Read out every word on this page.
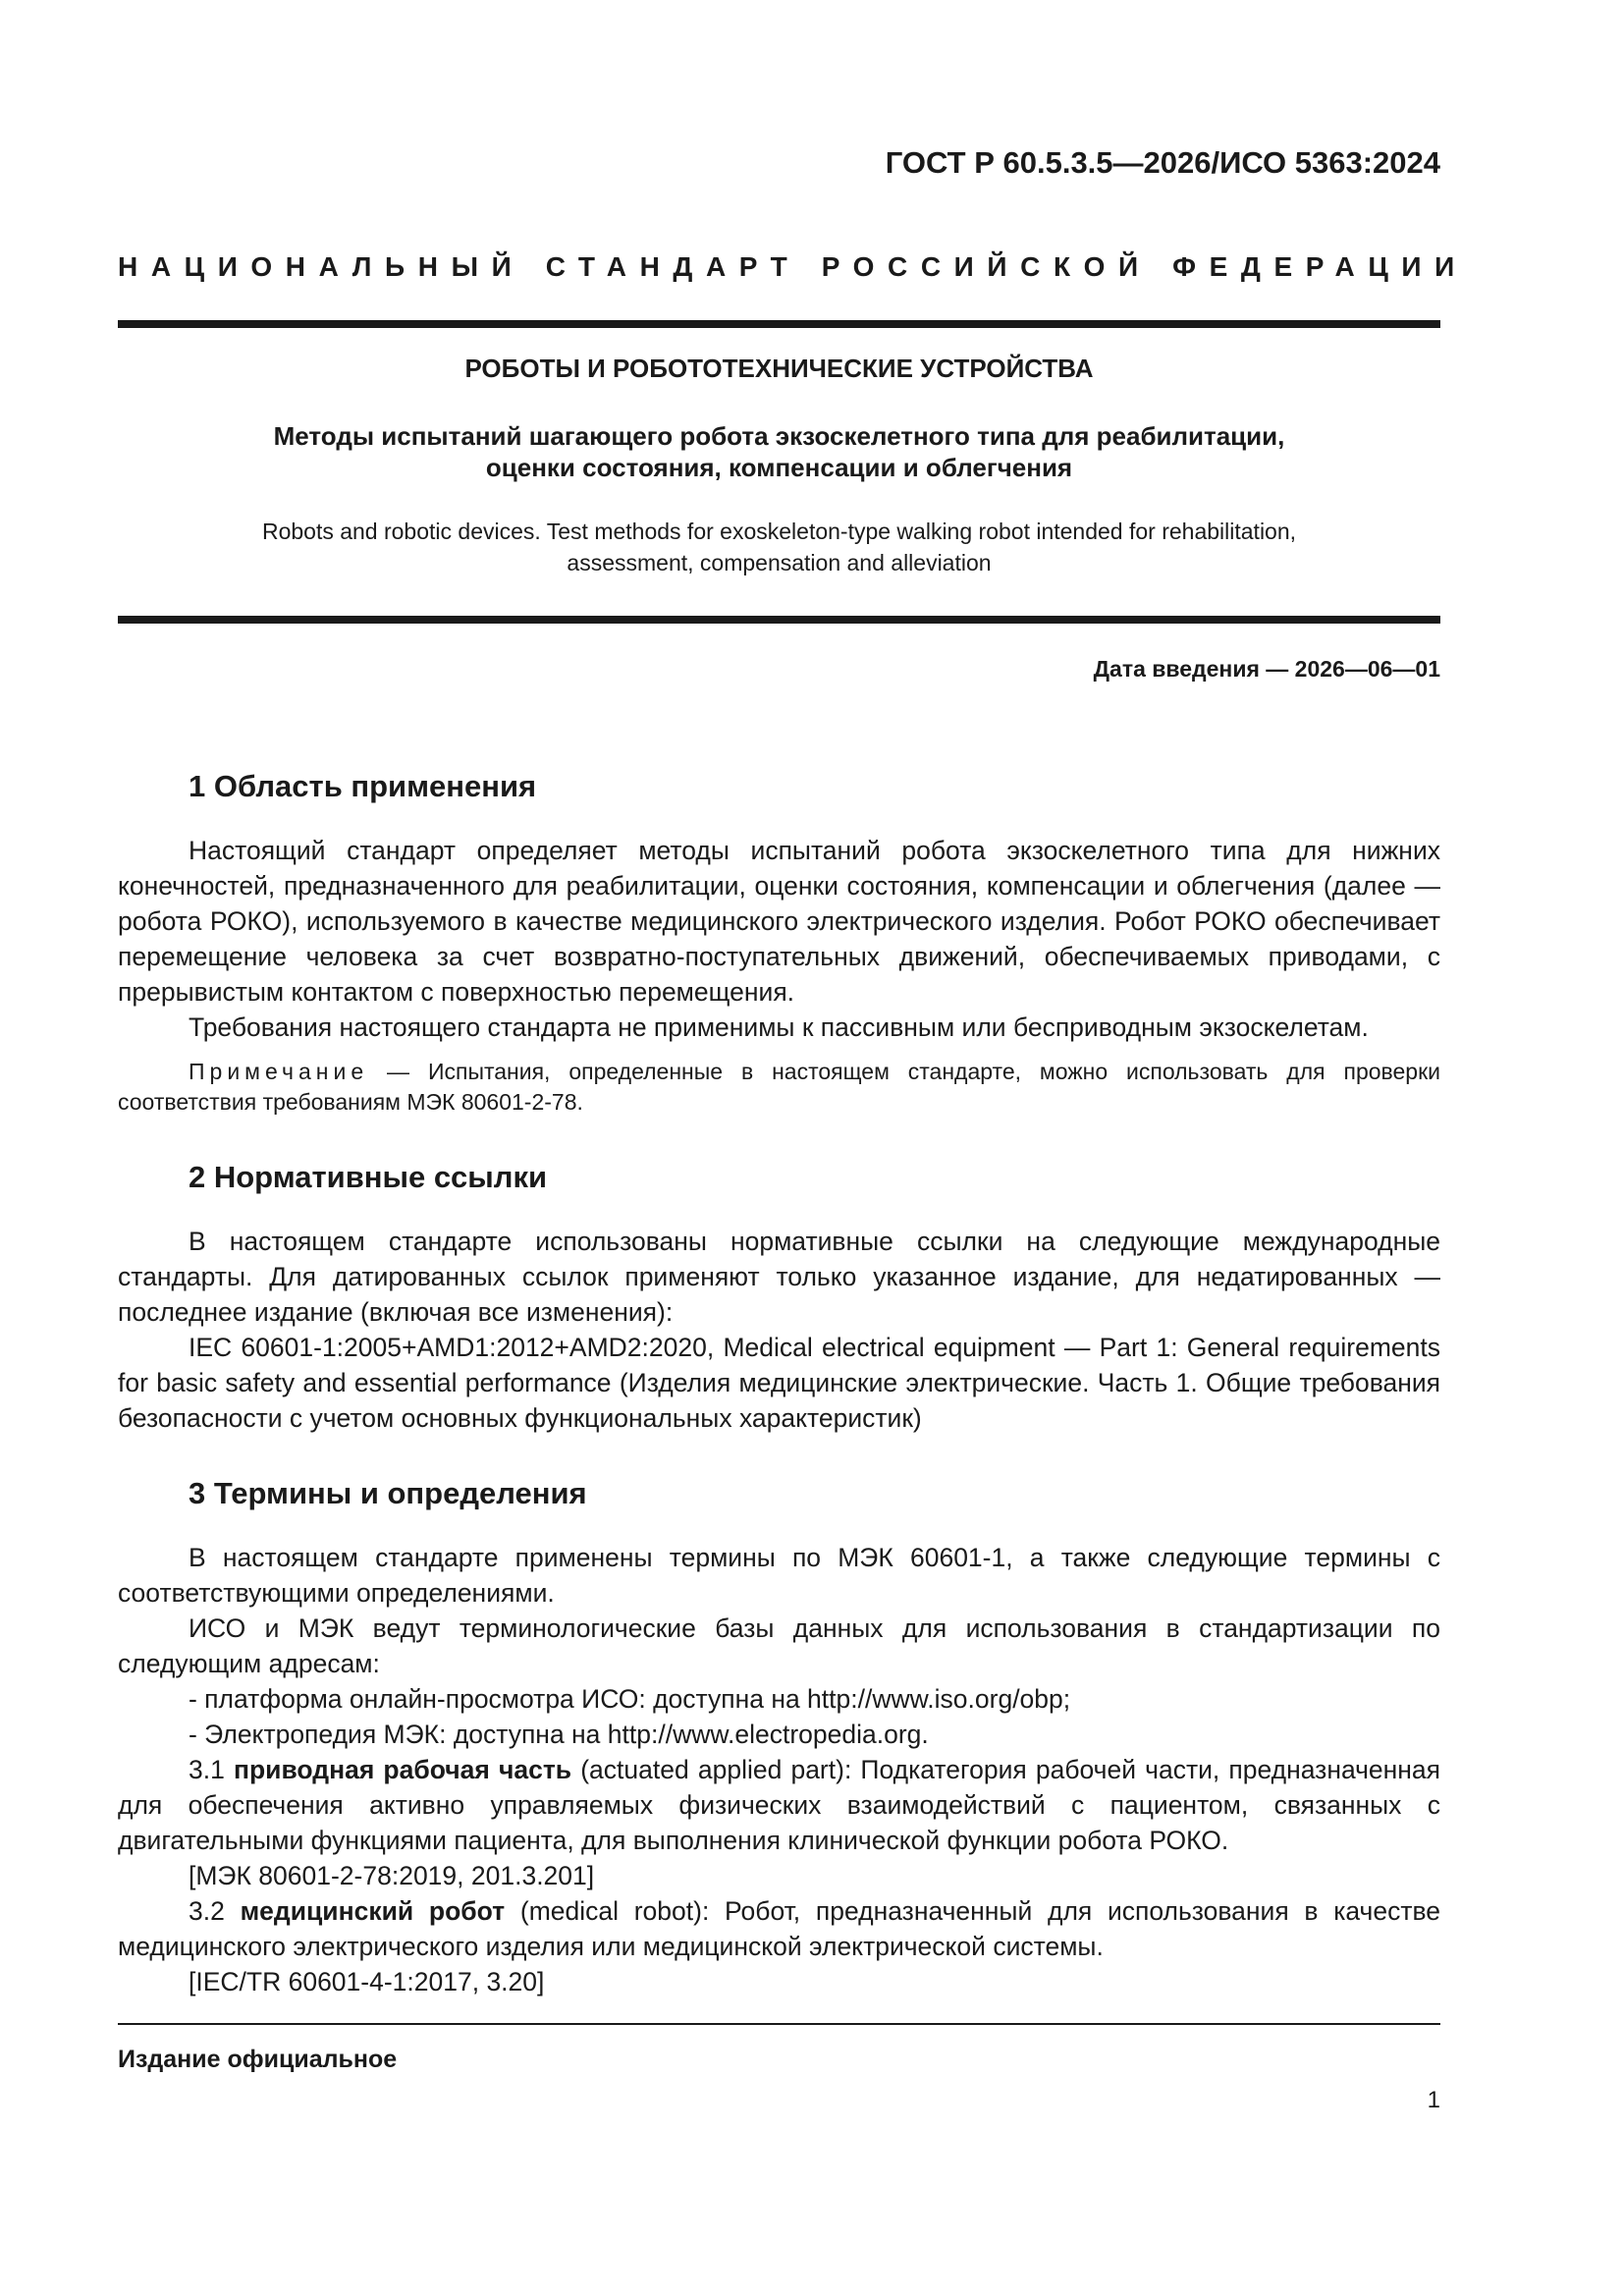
ГОСТ Р 60.5.3.5—2026/ИСО 5363:2024
НАЦИОНАЛЬНЫЙ СТАНДАРТ РОССИЙСКОЙ ФЕДЕРАЦИИ
РОБОТЫ И РОБОТОТЕХНИЧЕСКИЕ УСТРОЙСТВА
Методы испытаний шагающего робота экзоскелетного типа для реабилитации,
оценки состояния, компенсации и облегчения
Robots and robotic devices. Test methods for exoskeleton-type walking robot intended for rehabilitation,
assessment, compensation and alleviation
Дата введения — 2026—06—01
1 Область применения

Настоящий стандарт определяет методы испытаний робота экзоскелетного типа для нижних конечностей, предназначенного для реабилитации, оценки состояния, компенсации и облегчения (далее — робота РОКО), используемого в качестве медицинского электрического изделия. Робот РОКО обеспечивает перемещение человека за счет возвратно-поступательных движений, обеспечиваемых приводами, с прерывистым контактом с поверхностью перемещения.

Требования настоящего стандарта не применимы к пассивным или бесприводным экзоскелетам.

Примечание — Испытания, определенные в настоящем стандарте, можно использовать для проверки соответствия требованиям МЭК 80601-2-78.

2 Нормативные ссылки

В настоящем стандарте использованы нормативные ссылки на следующие международные стандарты. Для датированных ссылок применяют только указанное издание, для недатированных — последнее издание (включая все изменения):

IEC 60601-1:2005+AMD1:2012+AMD2:2020, Medical electrical equipment — Part 1: General requirements for basic safety and essential performance (Изделия медицинские электрические. Часть 1. Общие требования безопасности с учетом основных функциональных характеристик)

3 Термины и определения

В настоящем стандарте применены термины по МЭК 60601-1, а также следующие термины с соответствующими определениями.

ИСО и МЭК ведут терминологические базы данных для использования в стандартизации по следующим адресам:

- платформа онлайн-просмотра ИСО: доступна на http://www.iso.org/obp;
- Электропедия МЭК: доступна на http://www.electropedia.org.

3.1 приводная рабочая часть (actuated applied part): Подкатегория рабочей части, предназначенная для обеспечения активно управляемых физических взаимодействий с пациентом, связанных с двигательными функциями пациента, для выполнения клинической функции робота РОКО.

[МЭК 80601-2-78:2019, 201.3.201]

3.2 медицинский робот (medical robot): Робот, предназначенный для использования в качестве медицинского электрического изделия или медицинской электрической системы.

[IEC/TR 60601-4-1:2017, 3.20]
Издание официальное
1
